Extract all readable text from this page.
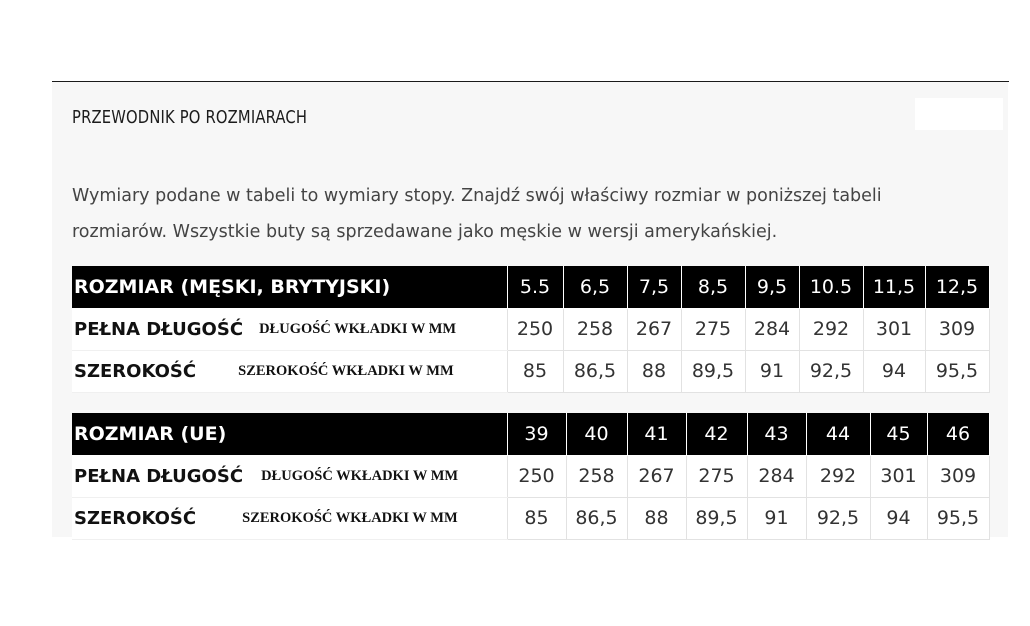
PRZEWODNIK PO ROZMIARACH
Wymiary podane w tabeli to wymiary stopy. Znajdź swój właściwy rozmiar w poniższej tabeli
rozmiarów. Wszystkie buty są sprzedawane jako męskie w wersji amerykańskiej.
ROZMIAR (MĘSKI, BRYTYJSKI)	5.5	6,5	7,5	8,5	9,5	10.5	11,5	12,5
PEŁNA DŁUGOŚĆ DŁUGOŚĆ WKŁADKI W MM	250	258	267	275	284	292	301	309
SZEROKOŚĆ SZEROKOŚĆ WKŁADKI W MM	85	86,5	88	89,5	91	92,5	94	95,5
ROZMIAR (UE)	39	40	41	42	43	44	45	46
PEŁNA DŁUGOŚĆ DŁUGOŚĆ WKŁADKI W MM	250	258	267	275	284	292	301	309
SZEROKOŚĆ SZEROKOŚĆ WKŁADKI W MM	85	86,5	88	89,5	91	92,5	94	95,5
